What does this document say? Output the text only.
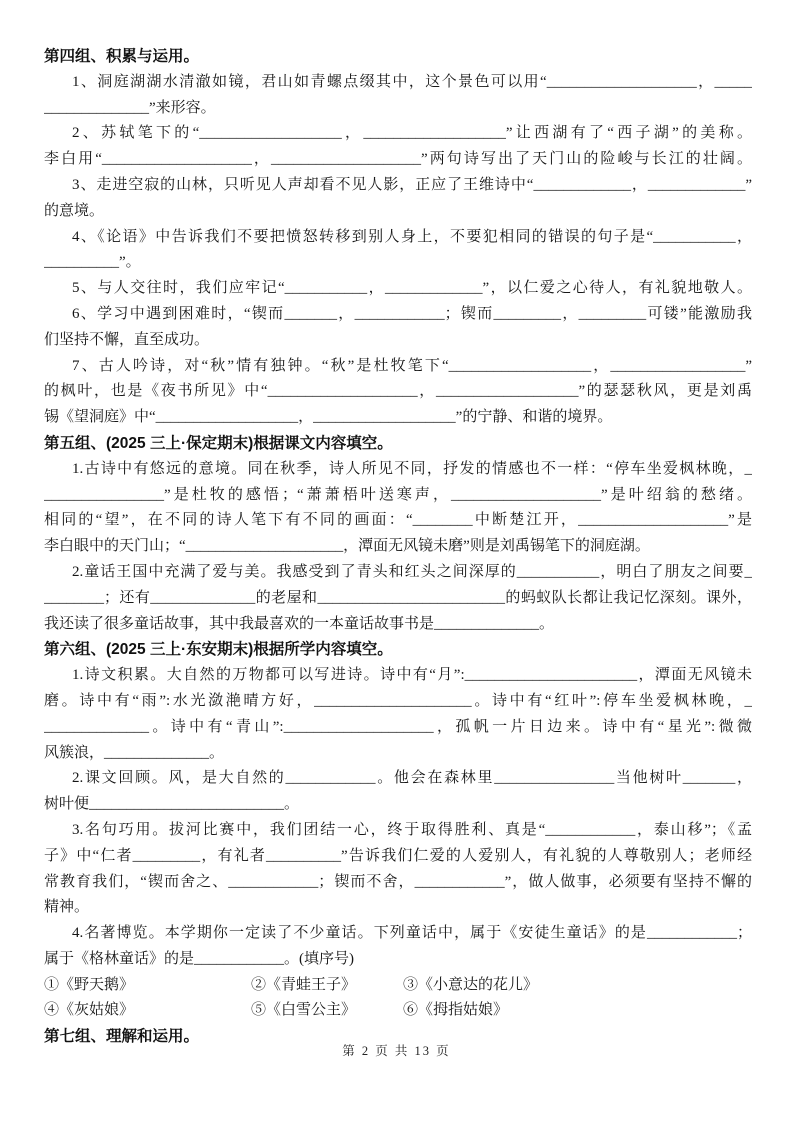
第四组、积累与运用。
1、洞庭湖湖水清澈如镜，君山如青螺点缀其中，这个景色可以用“____________________，_____
______________”来形容。
2、苏轼笔下的“___________________，___________________”让西湖有了“西子湖”的美称。
李白用“____________________，____________________”两句诗写出了天门山的险峻与长江的壮阔。
3、走进空寂的山林，只听见人声却看不见人影，正应了王维诗中“_____________，_____________”
的意境。
4、《论语》中告诉我们不要把愤怒转移到别人身上，不要犯相同的错误的句子是“___________，
__________”。
5、与人交往时，我们应牢记“___________，_____________”，以仁爱之心待人，有礼貌地敬人。
6、学习中遇到困难时，“锲而_______，____________；锲而_________，_________可镂”能激励我
们坚持不懈，直至成功。
7、古人吟诗，对“秋”情有独钟。“秋”是杜牧笔下“___________________，__________________”
的枫叶，也是《夜书所见》中“____________________，___________________”的瑟瑟秋风，更是刘禹
锡《望洞庭》中“___________________，___________________”的宁静、和谐的境界。
第五组、(2025 三上·保定期末)根据课文内容填空。
1.古诗中有悠远的意境。同在秋季，诗人所见不同，抒发的情感也不一样：“停车坐爱枫林晚，_
________________”是杜牧的感悟；“萧萧梧叶送寒声，____________________”是叶绍翁的愁绪。
相同的“望”，在不同的诗人笔下有不同的画面：“________中断楚江开，____________________”是
李白眼中的天门山；“_____________________，潭面无风镜未磨”则是刘禹锡笔下的洞庭湖。
2.童话王国中充满了爱与美。我感受到了青头和红头之间深厚的___________，明白了朋友之间要_
________；还有______________的老屋和_________________________的蚂蚁队长都让我记忆深刻。课外，
我还读了很多童话故事，其中我最喜欢的一本童话故事书是______________。
第六组、(2025 三上·东安期末)根据所学内容填空。
1.诗文积累。大自然的万物都可以写进诗。诗中有“月”:_______________________，潭面无风镜未
磨。诗中有“雨”:水光潋滟晴方好，_____________________。诗中有“红叶”:停车坐爱枫林晚，_
______________。诗中有“青山”:____________________，孤帆一片日边来。诗中有“星光”:微微
风簇浪，______________。
2.课文回顾。风，是大自然的____________。他会在森林里________________当他树叶_______，
树叶便__________________________。
3.名句巧用。拔河比赛中，我们团结一心，终于取得胜利、真是“____________，泰山移”；《孟
子》中“仁者_________，有礼者__________”告诉我们仁爱的人爱别人，有礼貌的人尊敬别人；老师经
常教育我们，“锲而舍之、____________；锲而不舍，____________”，做人做事，必须要有坚持不懈的
精神。
4.名著博览。本学期你一定读了不少童话。下列童话中，属于《安徒生童话》的是____________；
属于《格林童话》的是____________。(填序号)
①《野天鹅》	②《青蛙王子》	③《小意达的花儿》
④《灰姑娘》	⑤《白雪公主》	⑥《拇指姑娘》
第七组、理解和运用。
第 2 页 共 13 页
